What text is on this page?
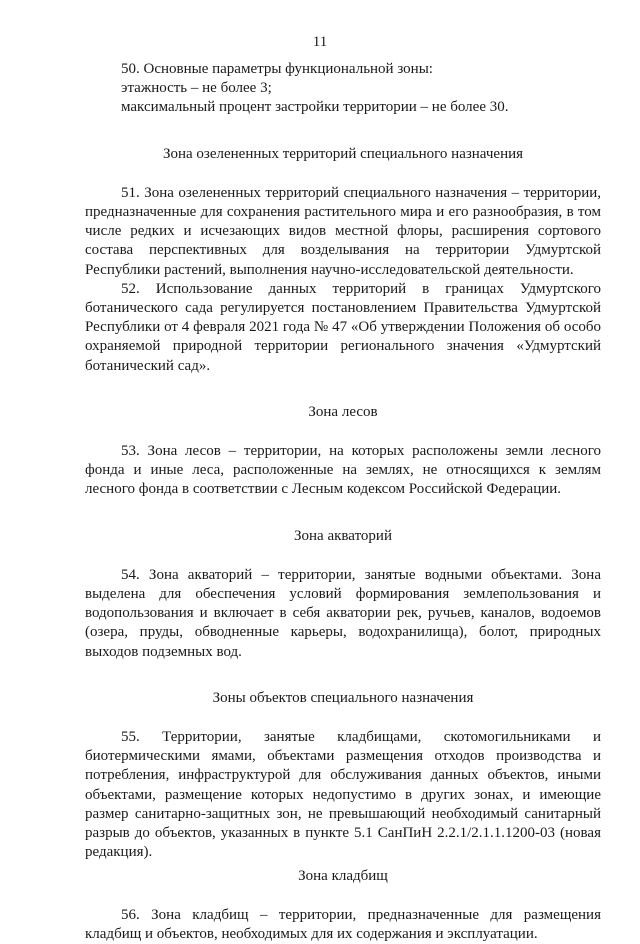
11

50. Основные параметры функциональной зоны:

этажность – не более 3;

максимальный процент застройки территории – не более 30.

Зона озелененных территорий специального назначения

51. Зона озелененных территорий специального назначения – территории, предназначенные для сохранения растительного мира и его разнообразия, в том числе редких и исчезающих видов местной флоры, расширения сортового состава перспективных для возделывания на территории Удмуртской Республики растений, выполнения научно-исследовательской деятельности.

52. Использование данных территорий в границах Удмуртского ботанического сада регулируется постановлением Правительства Удмуртской Республики от 4 февраля 2021 года № 47 «Об утверждении Положения об особо охраняемой природной территории регионального значения «Удмуртский ботанический сад».

Зона лесов

53. Зона лесов – территории, на которых расположены земли лесного фонда и иные леса, расположенные на землях, не относящихся к землям лесного фонда в соответствии с Лесным кодексом Российской Федерации.

Зона акваторий

54. Зона акваторий – территории, занятые водными объектами. Зона выделена для обеспечения условий формирования землепользования и водопользования и включает в себя акватории рек, ручьев, каналов, водоемов (озера, пруды, обводненные карьеры, водохранилища), болот, природных выходов подземных вод.

Зоны объектов специального назначения

55. Территории, занятые кладбищами, скотомогильниками и биотермическими ямами, объектами размещения отходов производства и потребления, инфраструктурой для обслуживания данных объектов, иными объектами, размещение которых недопустимо в других зонах, и имеющие размер санитарно-защитных зон, не превышающий необходимый санитарный разрыв до объектов, указанных в пункте 5.1 СанПиН 2.2.1/2.1.1.1200-03 (новая редакция).

Зона кладбищ

56. Зона кладбищ – территории, предназначенные для размещения кладбищ и объектов, необходимых для их содержания и эксплуатации.
